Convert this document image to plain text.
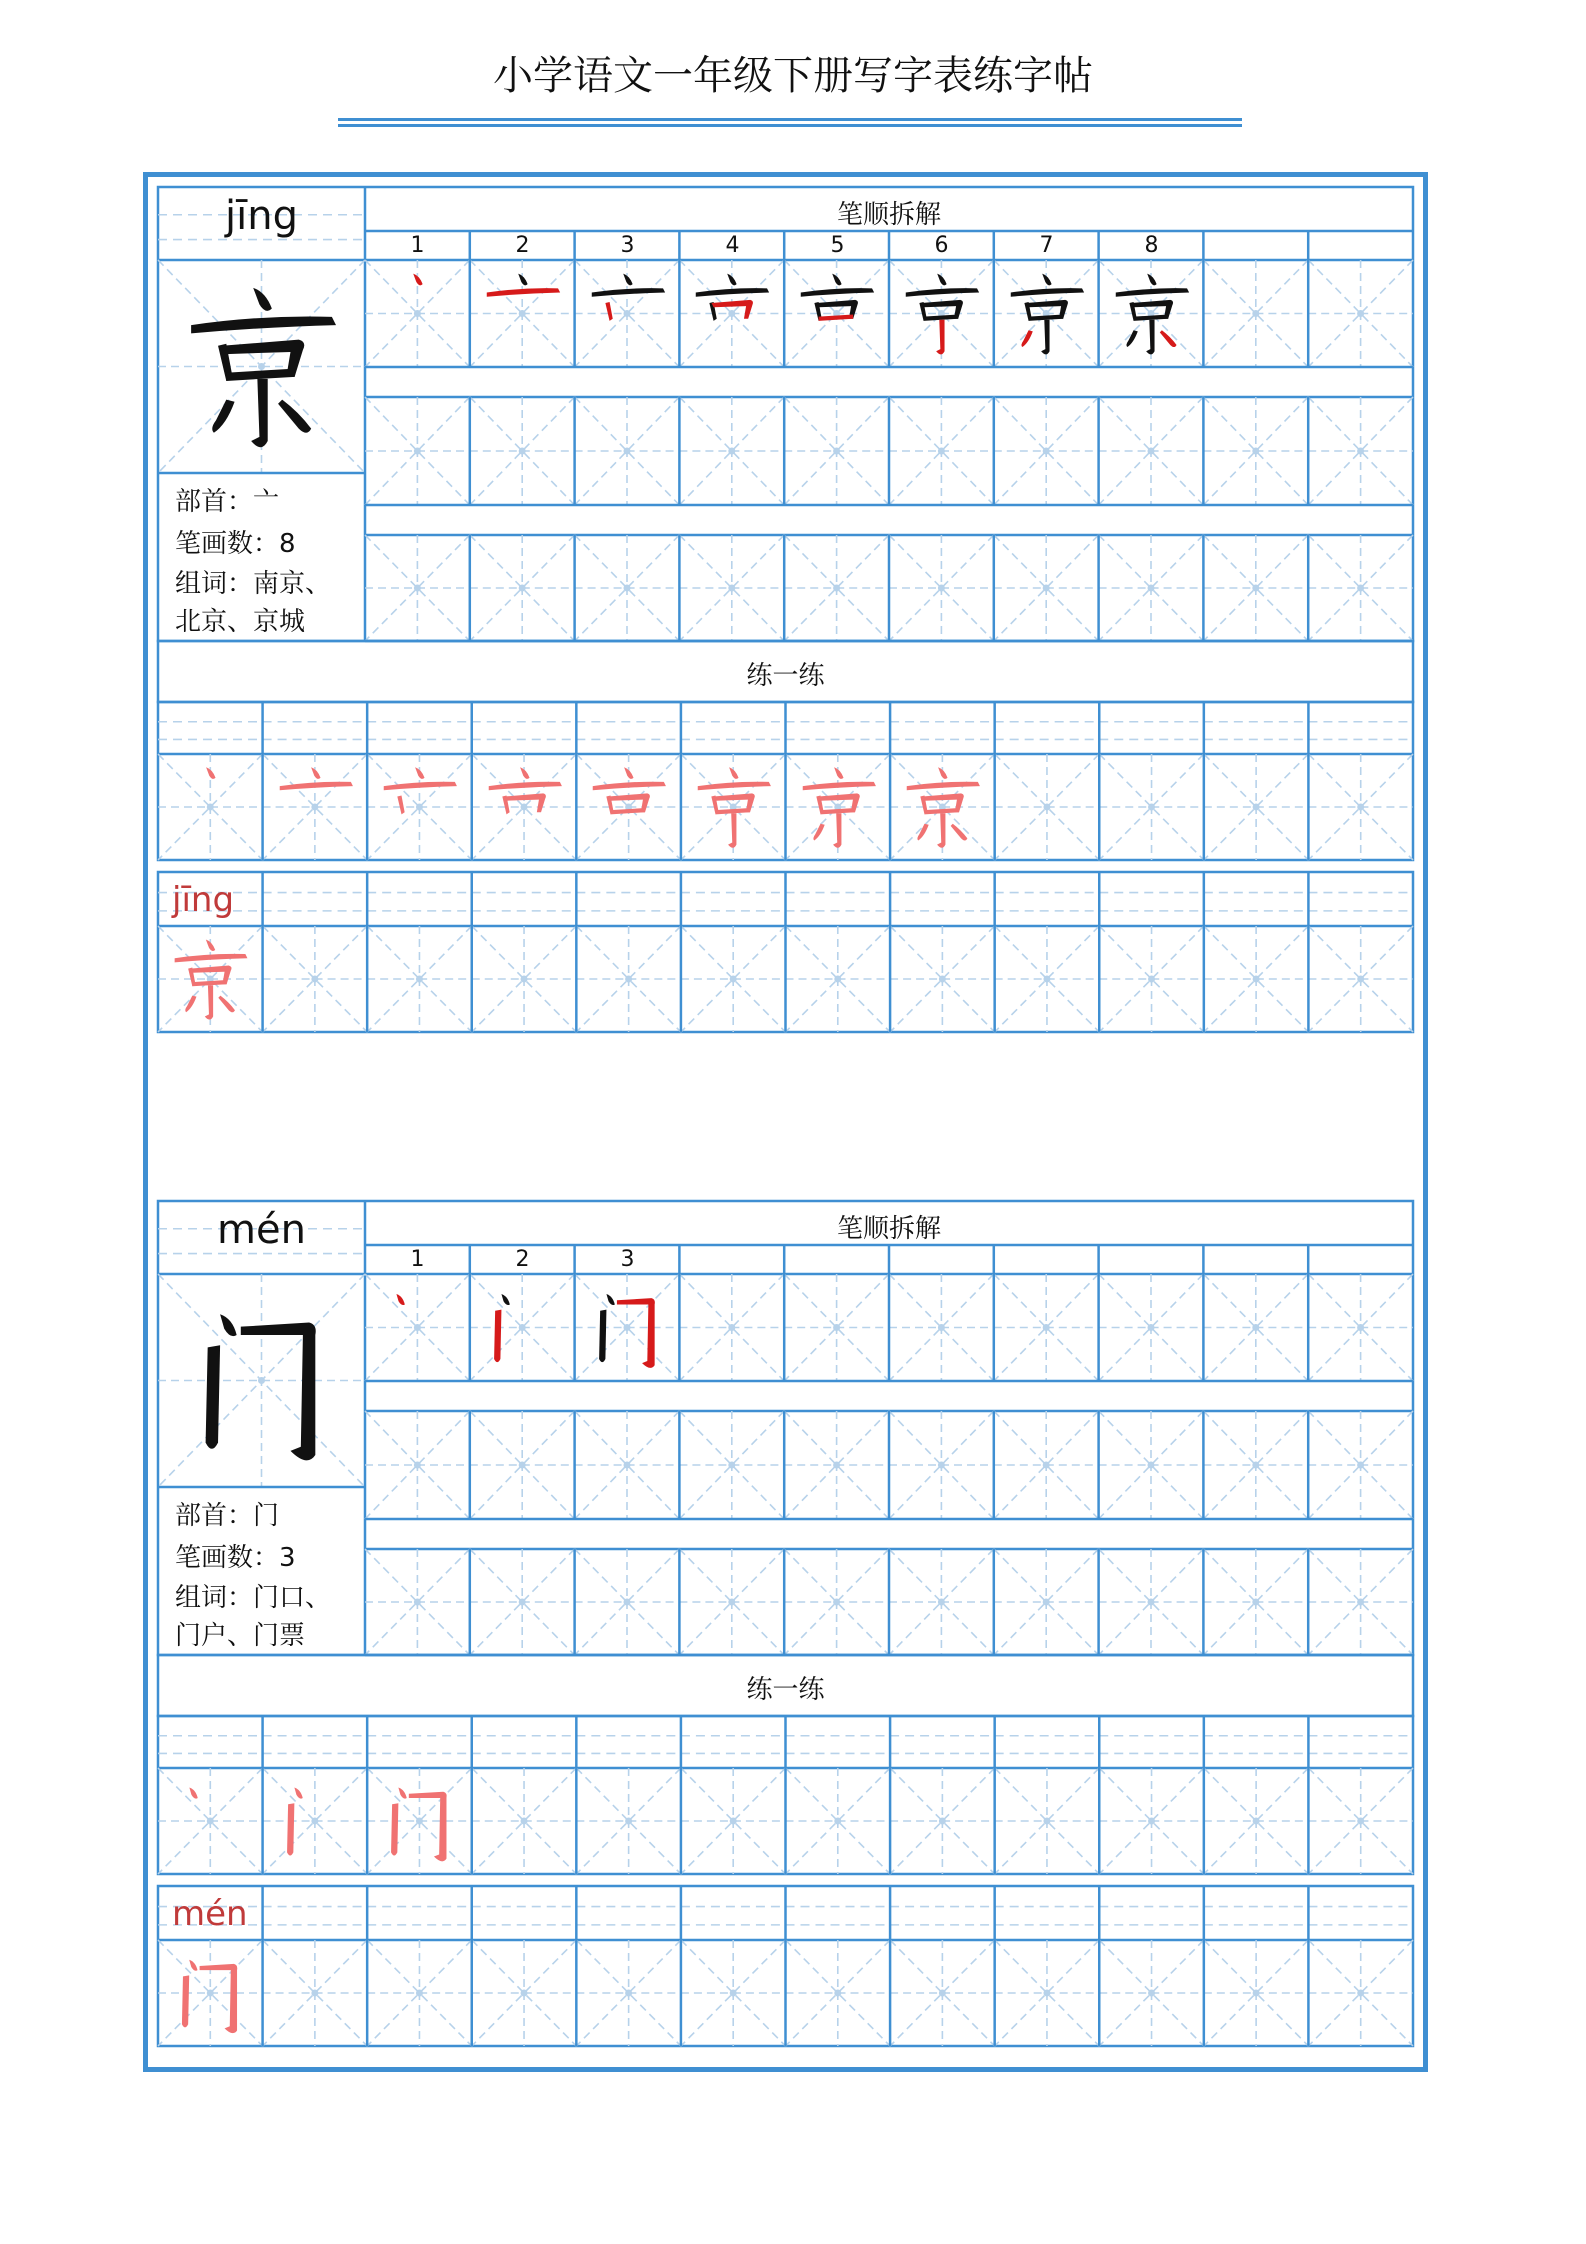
小学语文一年级下册写字表练字帖
jīng
部首：亠
笔画数：8
组词：南京、
北京、京城
笔顺拆解
1	2	3	4	5	6	7	8
练一练
jīng
mén
部首：门
笔画数：3
组词：门口、
门户、门票
笔顺拆解
1	2	3
练一练
mén
